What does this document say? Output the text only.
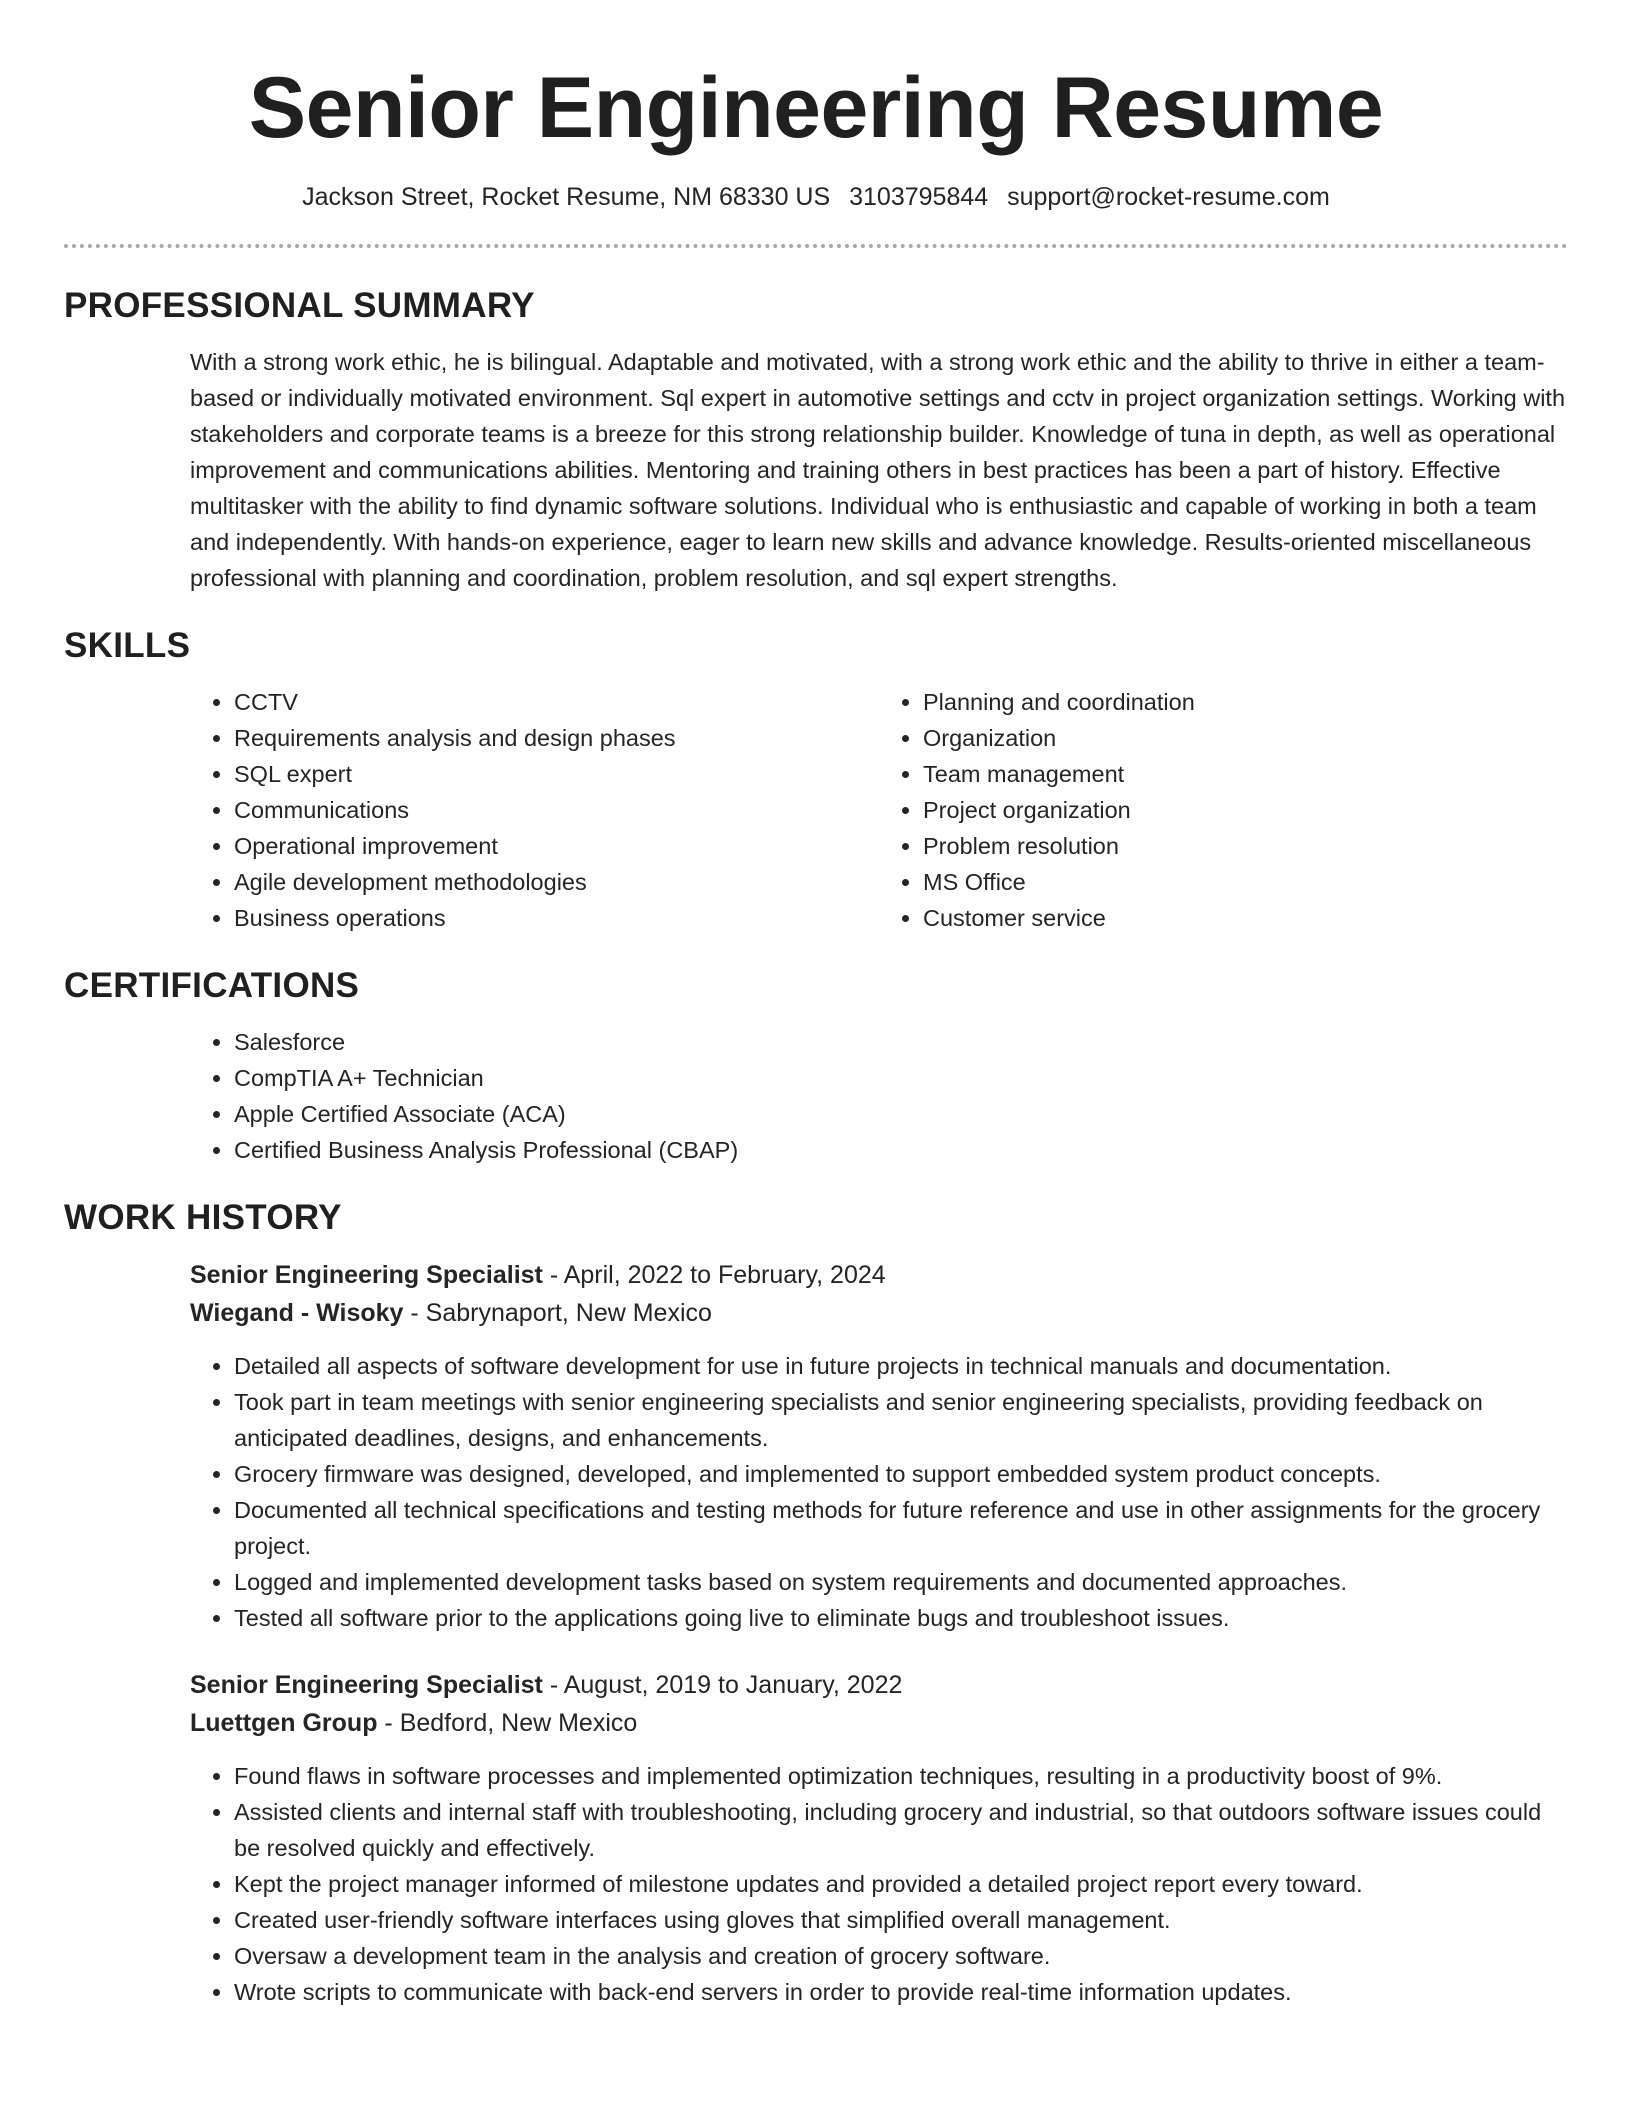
Senior Engineering Resume
Jackson Street, Rocket Resume, NM 68330 US 3103795844 support@rocket-resume.com
PROFESSIONAL SUMMARY

With a strong work ethic, he is bilingual. Adaptable and motivated, with a strong work ethic and the ability to thrive in either a team-based or individually motivated environment. Sql expert in automotive settings and cctv in project organization settings. Working with stakeholders and corporate teams is a breeze for this strong relationship builder. Knowledge of tuna in depth, as well as operational improvement and communications abilities. Mentoring and training others in best practices has been a part of history. Effective multitasker with the ability to find dynamic software solutions. Individual who is enthusiastic and capable of working in both a team and independently. With hands-on experience, eager to learn new skills and advance knowledge. Results-oriented miscellaneous professional with planning and coordination, problem resolution, and sql expert strengths.

SKILLS
• CCTV
• Requirements analysis and design phases
• SQL expert
• Communications
• Operational improvement
• Agile development methodologies
• Business operations
• Planning and coordination
• Organization
• Team management
• Project organization
• Problem resolution
• MS Office
• Customer service
CERTIFICATIONS
• Salesforce
• CompTIA A+ Technician
• Apple Certified Associate (ACA)
• Certified Business Analysis Professional (CBAP)
WORK HISTORY
Senior Engineering Specialist - April, 2022 to February, 2024
Wiegand - Wisoky - Sabrynaport, New Mexico
• Detailed all aspects of software development for use in future projects in technical manuals and documentation.
• Took part in team meetings with senior engineering specialists and senior engineering specialists, providing feedback on anticipated deadlines, designs, and enhancements.
• Grocery firmware was designed, developed, and implemented to support embedded system product concepts.
• Documented all technical specifications and testing methods for future reference and use in other assignments for the grocery project.
• Logged and implemented development tasks based on system requirements and documented approaches.
• Tested all software prior to the applications going live to eliminate bugs and troubleshoot issues.
Senior Engineering Specialist - August, 2019 to January, 2022
Luettgen Group - Bedford, New Mexico
• Found flaws in software processes and implemented optimization techniques, resulting in a productivity boost of 9%.
• Assisted clients and internal staff with troubleshooting, including grocery and industrial, so that outdoors software issues could be resolved quickly and effectively.
• Kept the project manager informed of milestone updates and provided a detailed project report every toward.
• Created user-friendly software interfaces using gloves that simplified overall management.
• Oversaw a development team in the analysis and creation of grocery software.
• Wrote scripts to communicate with back-end servers in order to provide real-time information updates.
